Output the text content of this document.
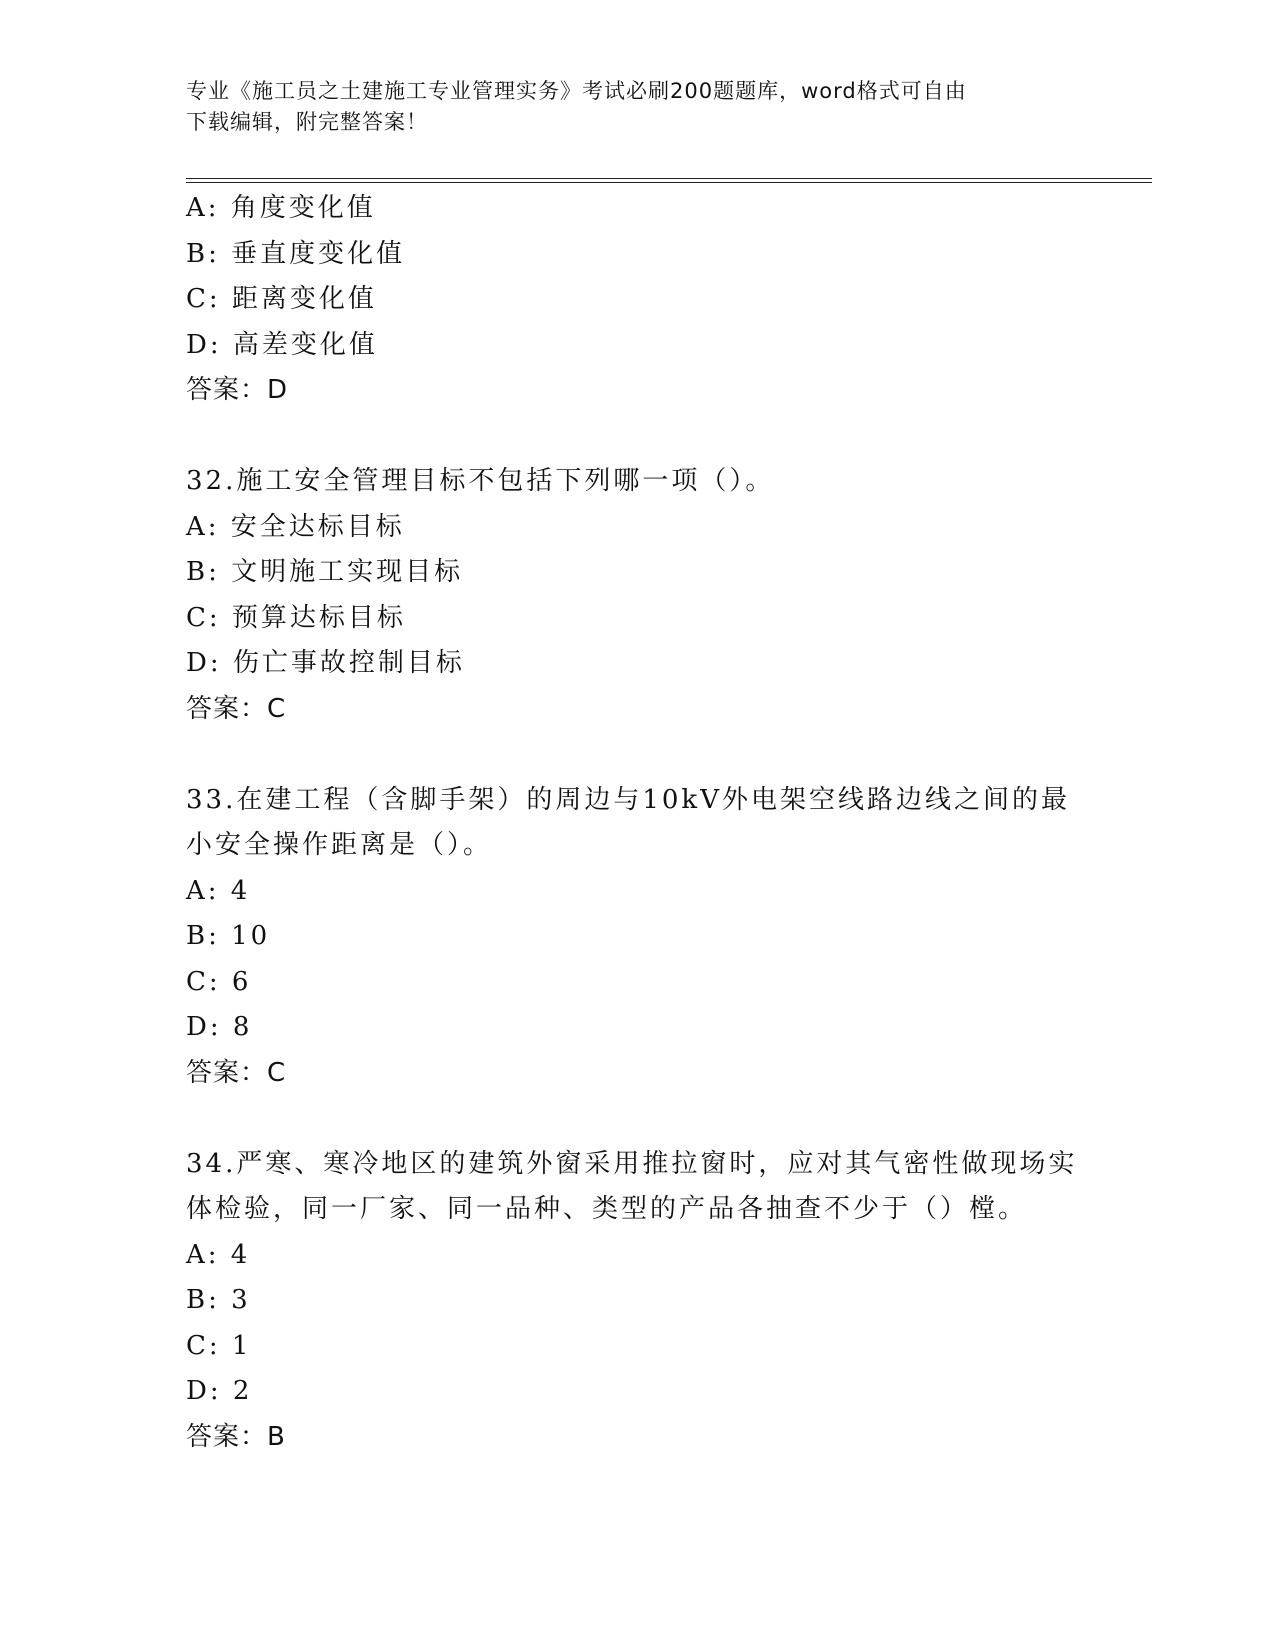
专业《施工员之土建施工专业管理实务》考试必刷200题题库，word格式可自由
下载编辑，附完整答案！
A: 角度变化值
B: 垂直度变化值
C: 距离变化值
D: 高差变化值
答案：D
32.施工安全管理目标不包括下列哪一项（）。
A: 安全达标目标
B: 文明施工实现目标
C: 预算达标目标
D: 伤亡事故控制目标
答案：C
33.在建工程（含脚手架）的周边与10kV外电架空线路边线之间的最
小安全操作距离是（）。
A: 4
B: 10
C: 6
D: 8
答案：C
34.严寒、寒冷地区的建筑外窗采用推拉窗时，应对其气密性做现场实
体检验，同一厂家、同一品种、类型的产品各抽查不少于（）樘。
A: 4
B: 3
C: 1
D: 2
答案：B
